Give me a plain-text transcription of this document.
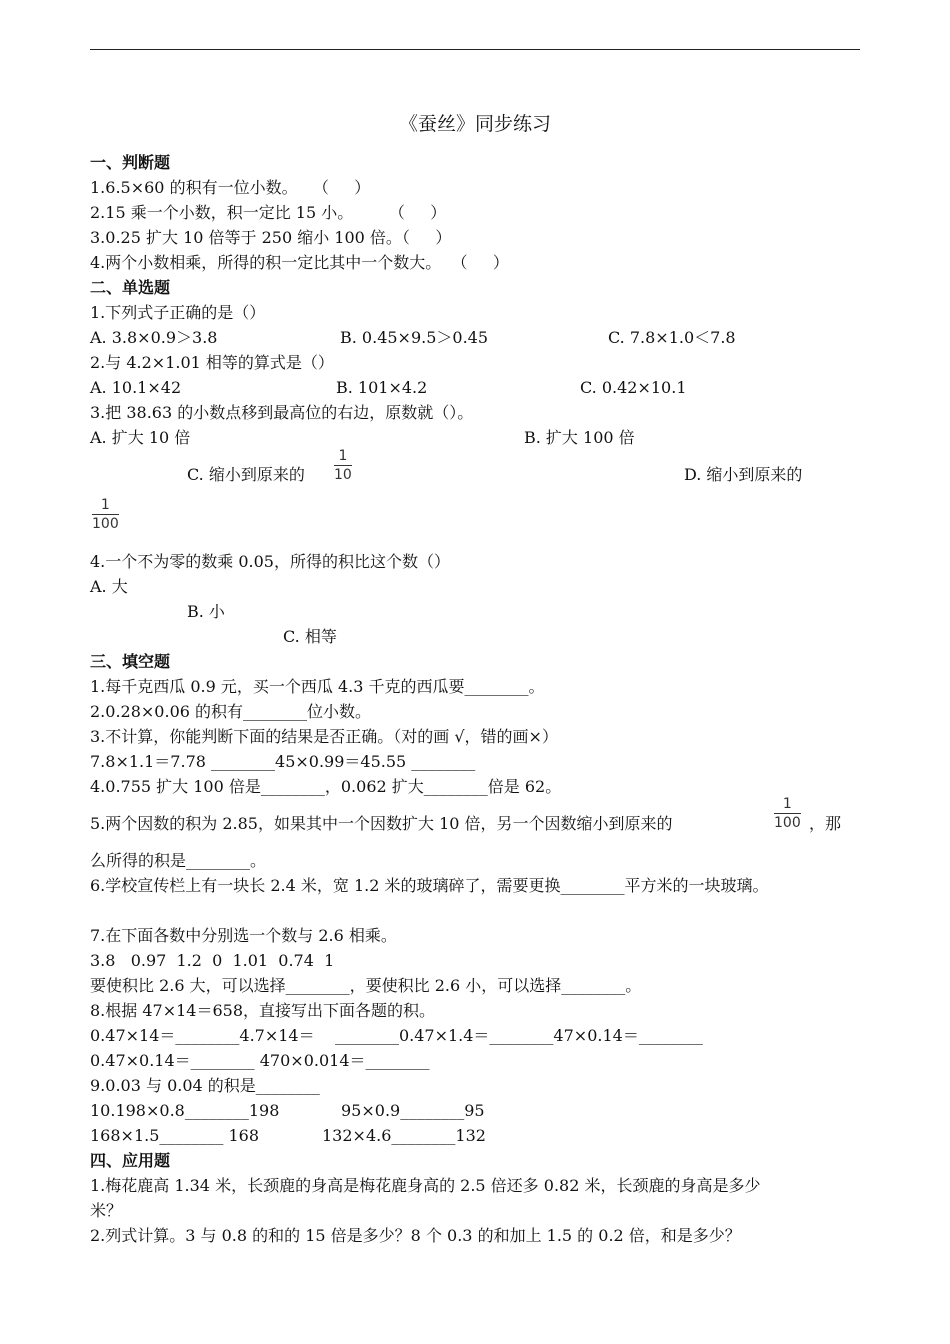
《蚕丝》同步练习
一、判断题
1.6.5×60 的积有一位小数。   （     ）
2.15 乘一个小数，积一定比 15 小。       （     ）
3.0.25 扩大 10 倍等于 250 缩小 100 倍。（     ）
4.两个小数相乘，所得的积一定比其中一个数大。  （     ）
二、单选题
1.下列式子正确的是（）
A. 3.8×0.9＞3.8	B. 0.45×9.5＞0.45	C. 7.8×1.0＜7.8
2.与 4.2×1.01 相等的算式是（）
A. 10.1×42	B. 101×4.2	C. 0.42×10.1
3.把 38.63 的小数点移到最高位的右边，原数就（）。
A. 扩大 10 倍	B. 扩大 100 倍
C. 缩小到原来的
1
10	D. 缩小到原来的
1
100
4.一个不为零的数乘 0.05，所得的积比这个数（）
A. 大
B. 小
C. 相等
三、填空题
1.每千克西瓜 0.9 元，买一个西瓜 4.3 千克的西瓜要________。
2.0.28×0.06 的积有________位小数。
3.不计算，你能判断下面的结果是否正确。（对的画 √，错的画×）
7.8×1.1＝7.78 ________45×0.99＝45.55 ________
4.0.755 扩大 100 倍是________，0.062 扩大________倍是 62。
5.两个因数的积为 2.85，如果其中一个因数扩大 10 倍，另一个因数缩小到原来的
1
100 ，那
么所得的积是________。
6.学校宣传栏上有一块长 2.4 米，宽 1.2 米的玻璃碎了，需要更换________平方米的一块玻璃。
7.在下面各数中分别选一个数与 2.6 相乘。
3.8   0.97  1.2  0  1.01  0.74  1
要使积比 2.6 大，可以选择________，要使积比 2.6 小，可以选择________。
8.根据 47×14＝658，直接写出下面各题的积。
0.47×14＝________4.7×14＝    ________0.47×1.4＝________47×0.14＝________
0.47×0.14＝________ 470×0.014＝________
9.0.03 与 0.04 的积是________
10.198×0.8________198	95×0.9________95
168×1.5________ 168	132×4.6________132
四、应用题
1.梅花鹿高 1.34 米，长颈鹿的身高是梅花鹿身高的 2.5 倍还多 0.82 米，长颈鹿的身高是多少
米？
2.列式计算。3 与 0.8 的和的 15 倍是多少？8 个 0.3 的和加上 1.5 的 0.2 倍，和是多少？
